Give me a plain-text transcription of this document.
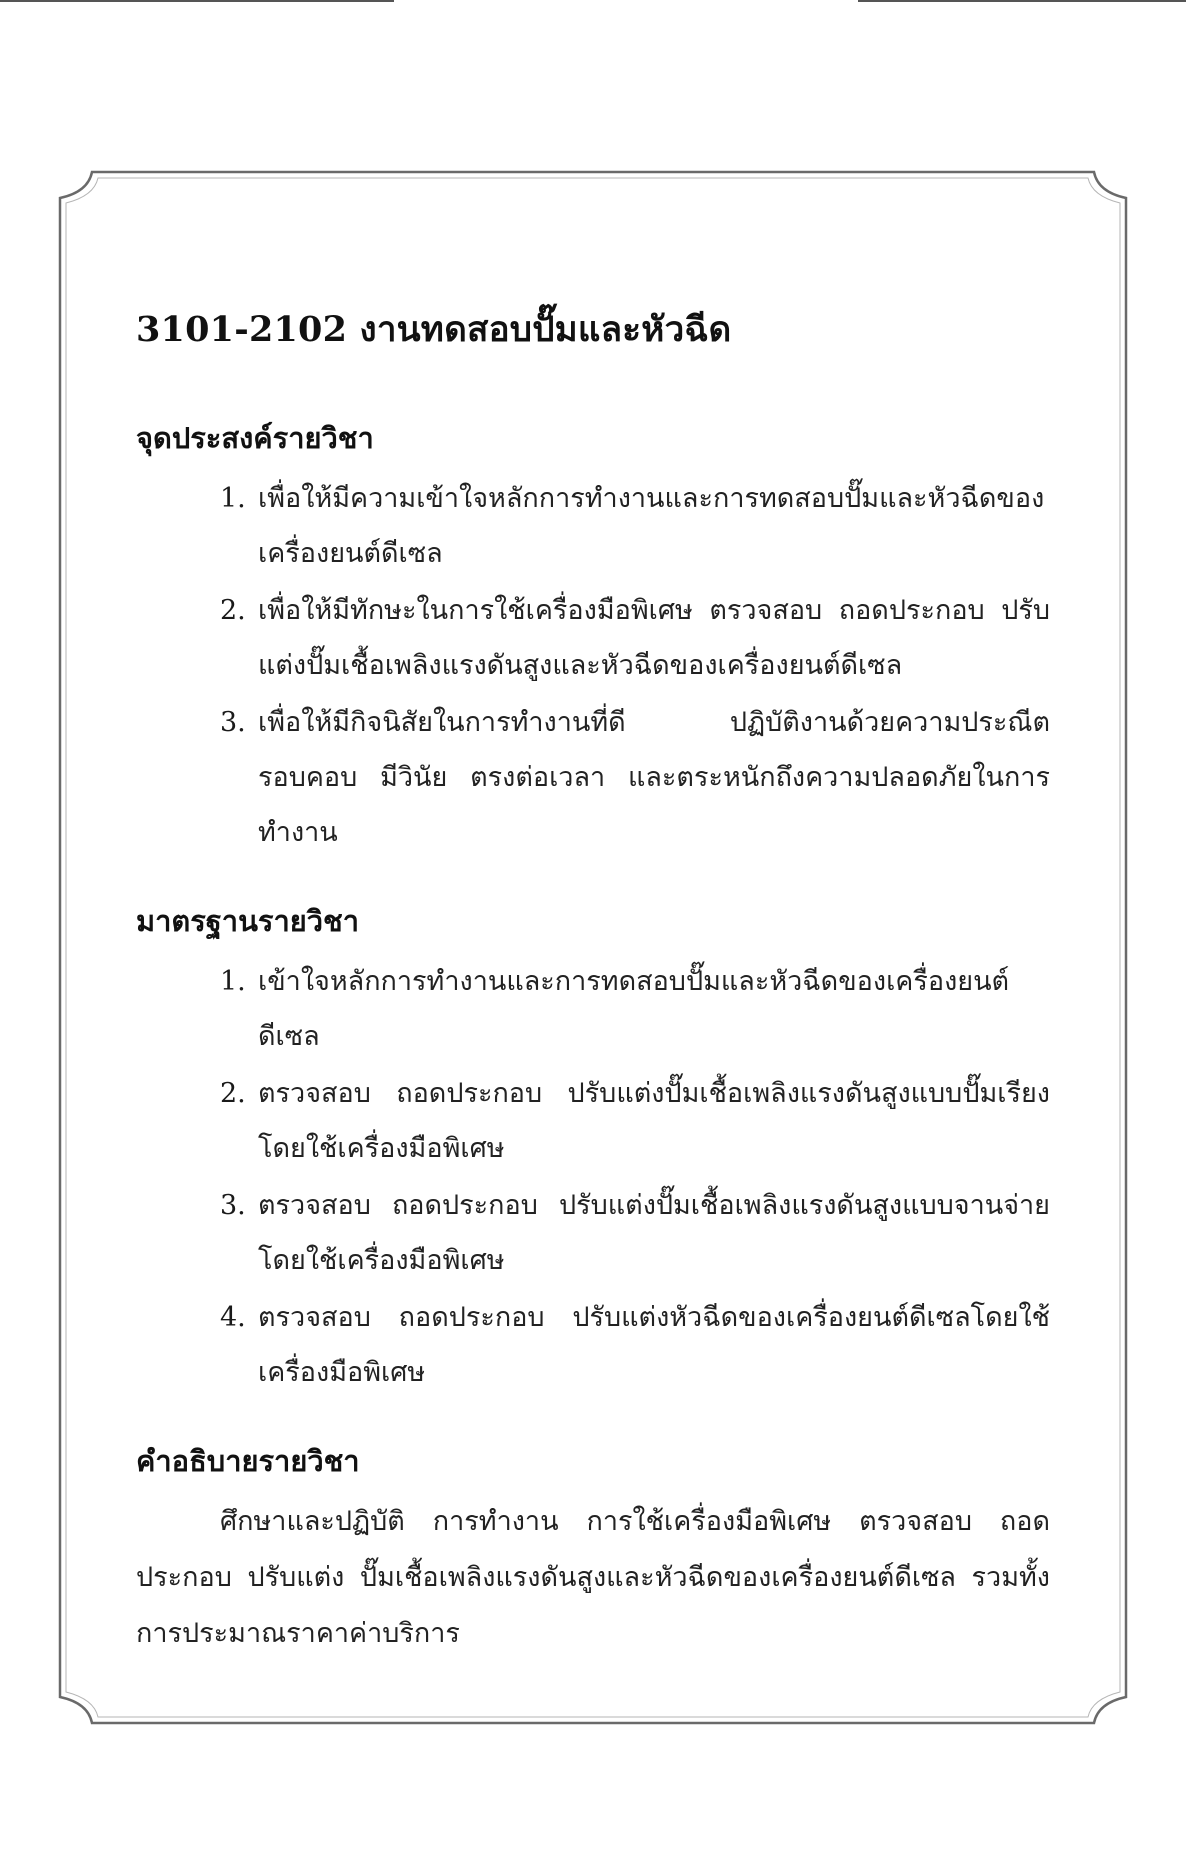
3101-2102 งานทดสอบปั๊มและหัวฉีด
จุดประสงค์รายวิชา
1. เพื่อให้มีความเข้าใจหลักการทำงานและการทดสอบปั๊มและหัวฉีดของเครื่องยนต์ดีเซล
2. เพื่อให้มีทักษะในการใช้เครื่องมือพิเศษ ตรวจสอบ ถอดประกอบ ปรับแต่งปั๊มเชื้อเพลิงแรงดันสูงและหัวฉีดของเครื่องยนต์ดีเซล
3. เพื่อให้มีกิจนิสัยในการทำงานที่ดี ปฏิบัติงานด้วยความประณีต รอบคอบ มีวินัย ตรงต่อเวลา และตระหนักถึงความปลอดภัยในการทำงาน
มาตรฐานรายวิชา
1. เข้าใจหลักการทำงานและการทดสอบปั๊มและหัวฉีดของเครื่องยนต์ดีเซล
2. ตรวจสอบ ถอดประกอบ ปรับแต่งปั๊มเชื้อเพลิงแรงดันสูงแบบปั๊มเรียงโดยใช้เครื่องมือพิเศษ
3. ตรวจสอบ ถอดประกอบ ปรับแต่งปั๊มเชื้อเพลิงแรงดันสูงแบบจานจ่ายโดยใช้เครื่องมือพิเศษ
4. ตรวจสอบ ถอดประกอบ ปรับแต่งหัวฉีดของเครื่องยนต์ดีเซลโดยใช้เครื่องมือพิเศษ
คำอธิบายรายวิชา

ศึกษาและปฏิบัติ การทำงาน การใช้เครื่องมือพิเศษ ตรวจสอบ ถอดประกอบ ปรับแต่ง ปั๊มเชื้อเพลิงแรงดันสูงและหัวฉีดของเครื่องยนต์ดีเซล รวมทั้งการประมาณราคาค่าบริการ
